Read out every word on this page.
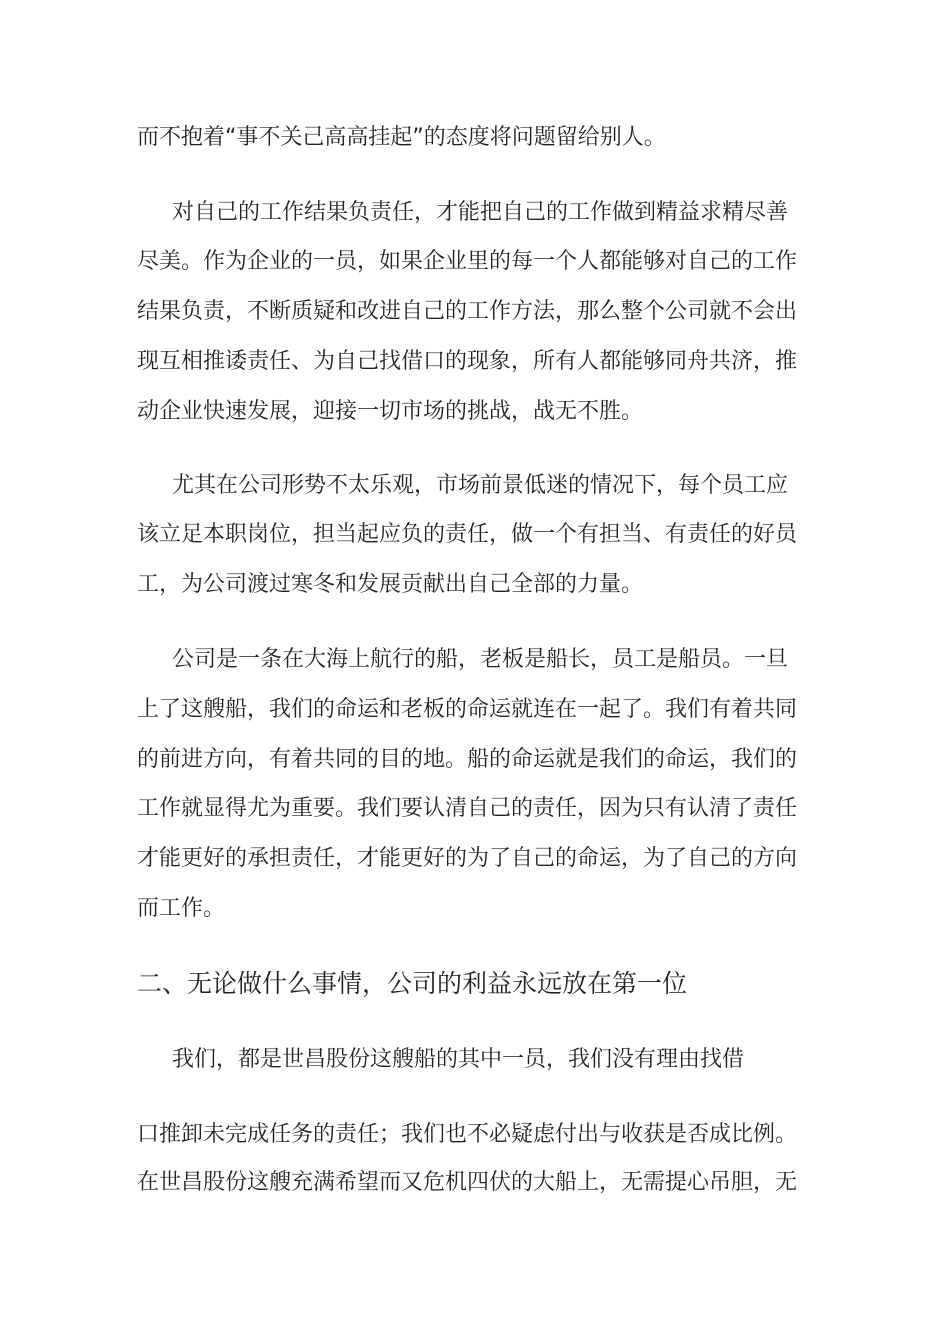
而不抱着“事不关己高高挂起”的态度将问题留给别人。
对自己的工作结果负责任，才能把自己的工作做到精益求精尽善
尽美。作为企业的一员，如果企业里的每一个人都能够对自己的工作
结果负责，不断质疑和改进自己的工作方法，那么整个公司就不会出
现互相推诿责任、为自己找借口的现象，所有人都能够同舟共济，推
动企业快速发展，迎接一切市场的挑战，战无不胜。
尤其在公司形势不太乐观，市场前景低迷的情况下，每个员工应
该立足本职岗位，担当起应负的责任，做一个有担当、有责任的好员
工，为公司渡过寒冬和发展贡献出自己全部的力量。
公司是一条在大海上航行的船，老板是船长，员工是船员。一旦
上了这艘船，我们的命运和老板的命运就连在一起了。我们有着共同
的前进方向，有着共同的目的地。船的命运就是我们的命运，我们的
工作就显得尤为重要。我们要认清自己的责任，因为只有认清了责任
才能更好的承担责任，才能更好的为了自己的命运，为了自己的方向
而工作。
二、无论做什么事情，公司的利益永远放在第一位
我们，都是世昌股份这艘船的其中一员，我们没有理由找借
口推卸未完成任务的责任；我们也不必疑虑付出与收获是否成比例。
在世昌股份这艘充满希望而又危机四伏的大船上，无需提心吊胆，无
